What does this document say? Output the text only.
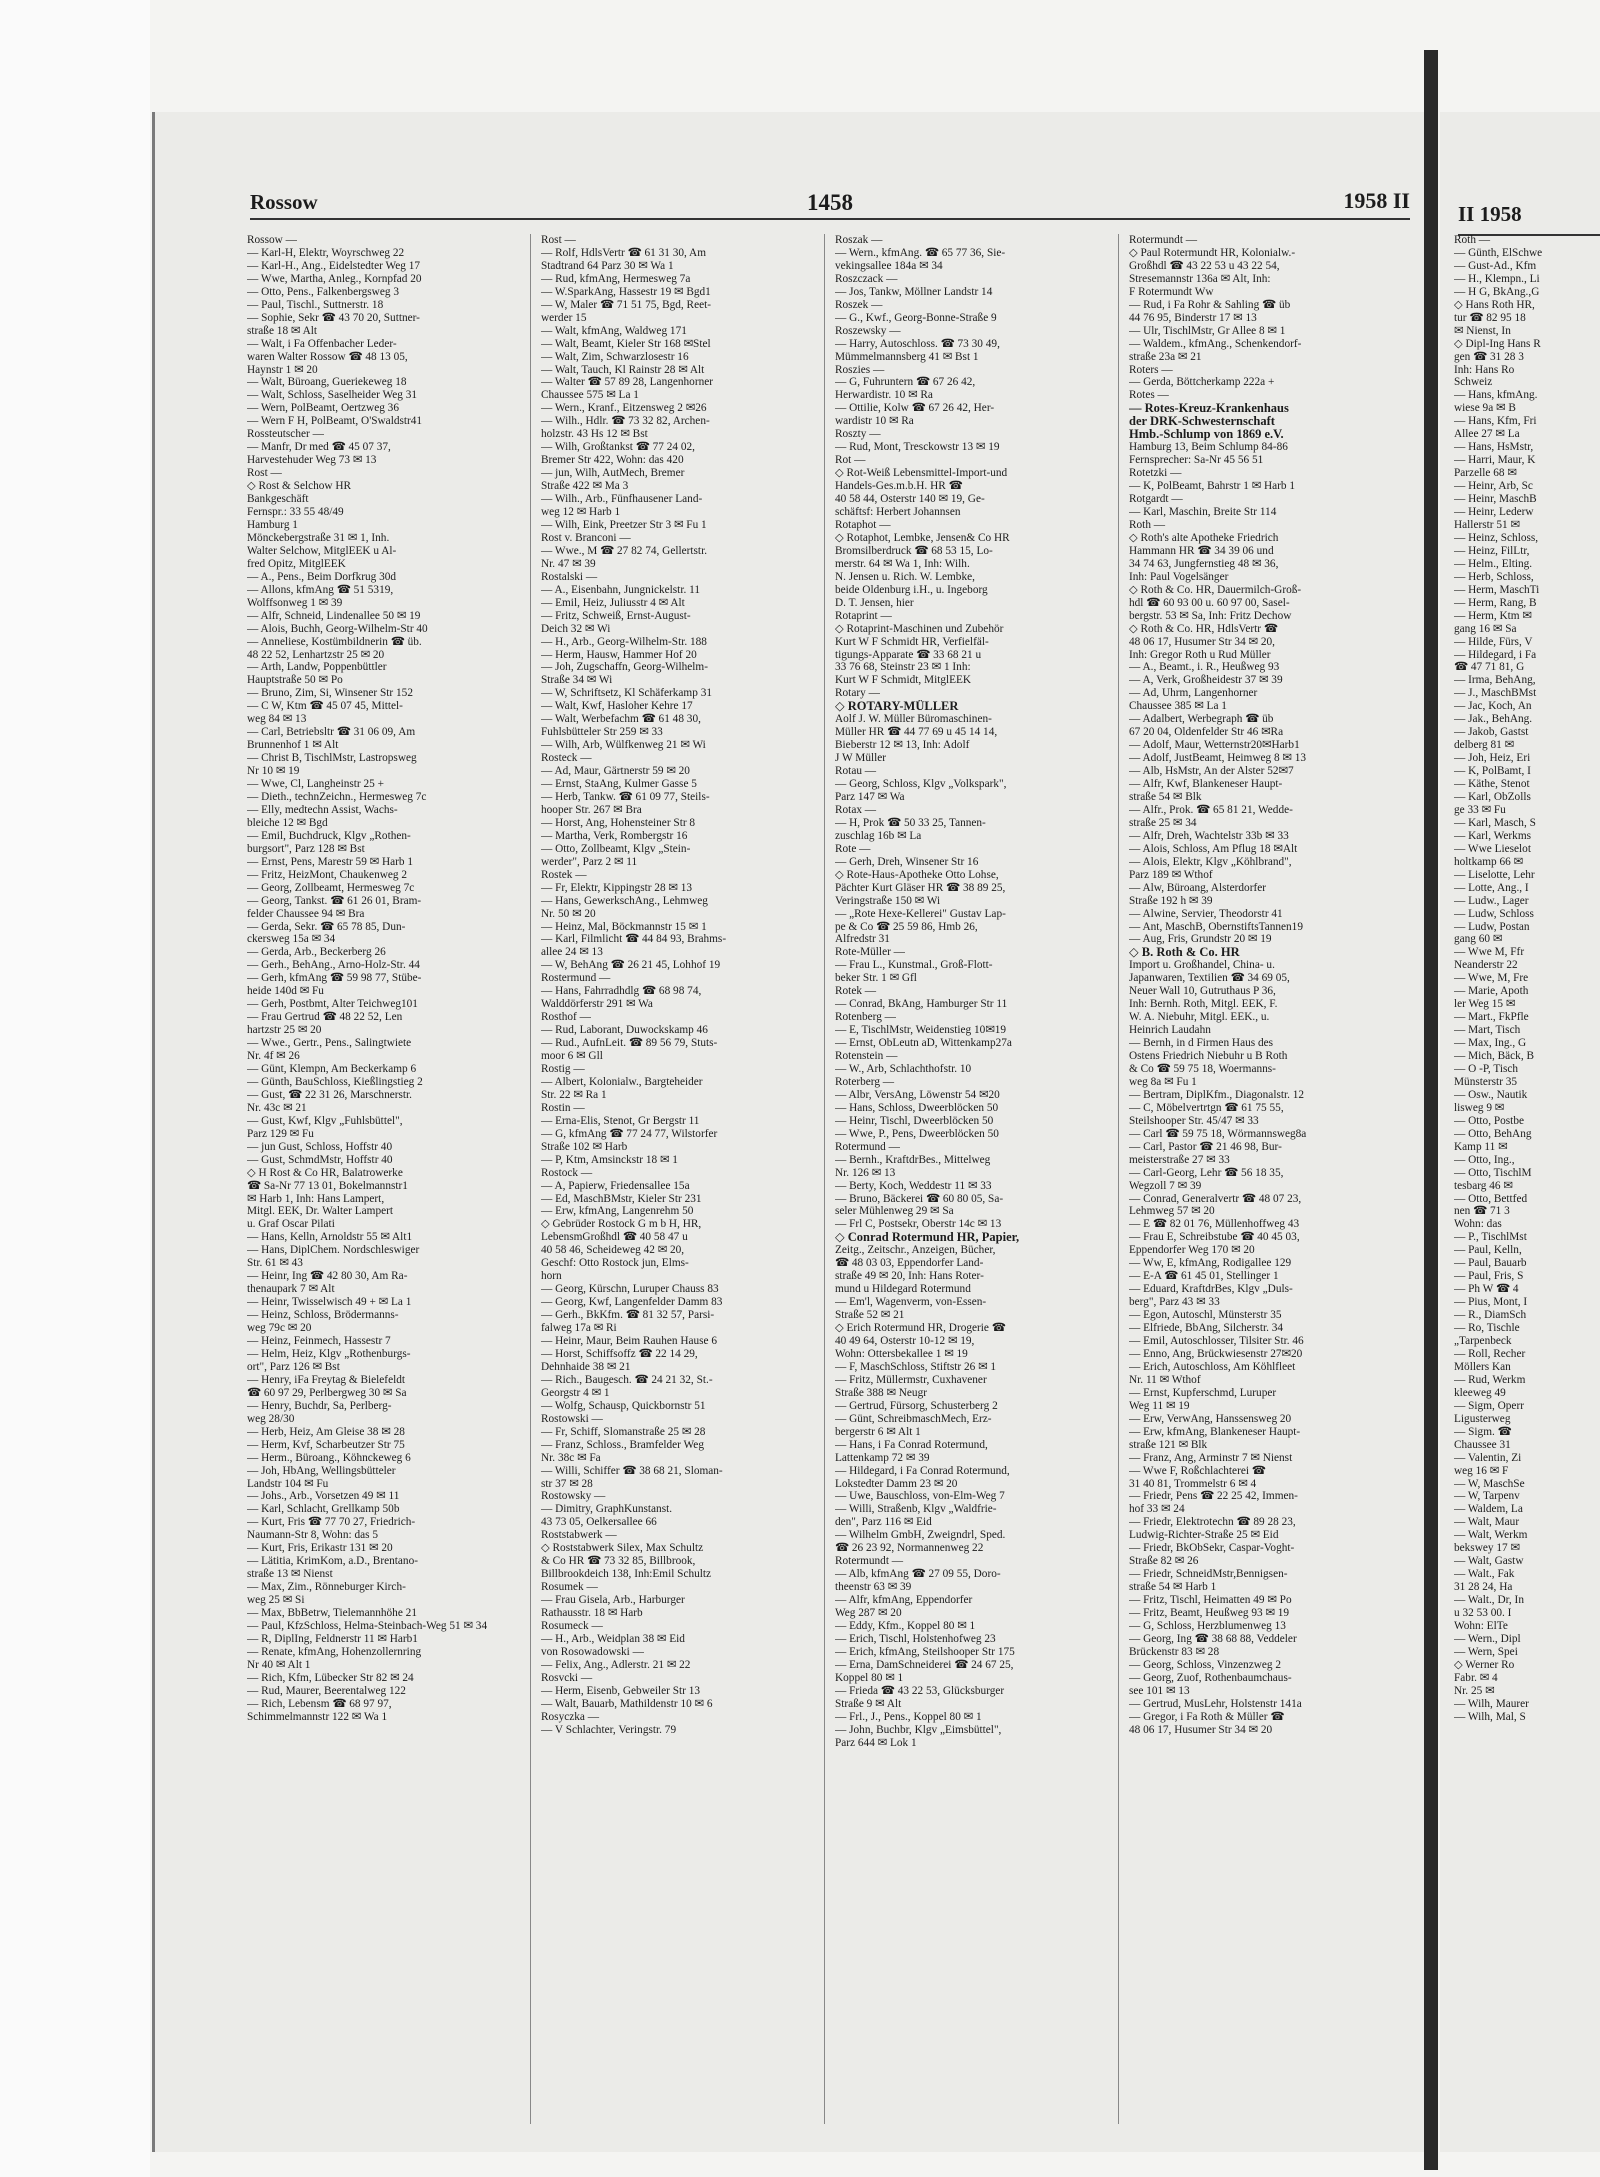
Rossow	1458	1958 II
Rossow —
— Karl-H, Elektr, Woyrschweg 22
— Karl-H., Ang., Eidelstedter Weg 17
— Wwe, Martha, Anleg., Kornpfad 20
— Otto, Pens., Falkenbergsweg 3
— Paul, Tischl., Suttnerstr. 18
— Sophie, Sekr ☎ 43 70 20, Suttner-
straße 18 ✉ Alt
— Walt, i Fa Offenbacher Leder-
waren Walter Rossow ☎ 48 13 05,
Haynstr 1 ✉ 20
— Walt, Büroang, Gueriekeweg 18
— Walt, Schloss, Saselheider Weg 31
— Wern, PolBeamt, Oertzweg 36
— Wern F H, PolBeamt, O'Swaldstr41
Rossteutscher —
— Manfr, Dr med ☎ 45 07 37,
Harvestehuder Weg 73 ✉ 13
Rost —
◇ Rost & Selchow HR
Bankgeschäft
Fernspr.: 33 55 48/49
Hamburg 1
Mönckebergstraße 31 ✉ 1, Inh.
Walter Selchow, MitglEEK u Al-
fred Opitz, MitglEEK
— A., Pens., Beim Dorfkrug 30d
— Allons, kfmAng ☎ 51 5319,
Wolffsonweg 1 ✉ 39
— Alfr, Schneid, Lindenallee 50 ✉ 19
— Alois, Buchh, Georg-Wilhelm-Str 40
— Anneliese, Kostümbildnerin ☎ üb.
48 22 52, Lenhartzstr 25 ✉ 20
— Arth, Landw, Poppenbüttler
Hauptstraße 50 ✉ Po
— Bruno, Zim, Si, Winsener Str 152
— C W, Ktm ☎ 45 07 45, Mittel-
weg 84 ✉ 13
— Carl, Betriebsltr ☎ 31 06 09, Am
Brunnenhof 1 ✉ Alt
— Christ B, TischlMstr, Lastropsweg
Nr 10 ✉ 19
— Wwe, Cl, Langheinstr 25 +
— Dieth., technZeichn., Hermesweg 7c
— Elly, medtechn Assist, Wachs-
bleiche 12 ✉ Bgd
— Emil, Buchdruck, Klgv „Rothen-
burgsort", Parz 128 ✉ Bst
— Ernst, Pens, Marestr 59 ✉ Harb 1
— Fritz, HeizMont, Chaukenweg 2
— Georg, Zollbeamt, Hermesweg 7c
— Georg, Tankst. ☎ 61 26 01, Bram-
felder Chaussee 94 ✉ Bra
— Gerda, Sekr. ☎ 65 78 85, Dun-
ckersweg 15a ✉ 34
— Gerda, Arb., Beckerberg 26
— Gerh., BehAng., Arno-Holz-Str. 44
— Gerh, kfmAng ☎ 59 98 77, Stübe-
heide 140d ✉ Fu
— Gerh, Postbmt, Alter Teichweg101
— Frau Gertrud ☎ 48 22 52, Len
hartzstr 25 ✉ 20
— Wwe., Gertr., Pens., Salingtwiete
Nr. 4f ✉ 26
— Günt, Klempn, Am Beckerkamp 6
— Günth, BauSchloss, Kießlingstieg 2
— Gust, ☎ 22 31 26, Marschnerstr.
Nr. 43c ✉ 21
— Gust, Kwf, Klgv „Fuhlsbüttel",
Parz 129 ✉ Fu
— jun Gust, Schloss, Hoffstr 40
— Gust, SchmdMstr, Hoffstr 40
◇ H Rost & Co HR, Balatrowerke
☎ Sa-Nr 77 13 01, Bokelmannstr1
✉ Harb 1, Inh: Hans Lampert,
Mitgl. EEK, Dr. Walter Lampert
u. Graf Oscar Pilati
— Hans, Kelln, Arnoldstr 55 ✉ Alt1
— Hans, DiplChem. Nordschleswiger
Str. 61 ✉ 43
— Heinr, Ing ☎ 42 80 30, Am Ra-
thenaupark 7 ✉ Alt
— Heinr, Twisselwisch 49 + ✉ La 1
— Heinz, Schloss, Brödermanns-
weg 79c ✉ 20
— Heinz, Feinmech, Hassestr 7
— Helm, Heiz, Klgv „Rothenburgs-
ort", Parz 126 ✉ Bst
— Henry, iFa Freytag & Bielefeldt
☎ 60 97 29, Perlbergweg 30 ✉ Sa
— Henry, Buchdr, Sa, Perlberg-
weg 28/30
— Herb, Heiz, Am Gleise 38 ✉ 28
— Herm, Kvf, Scharbeutzer Str 75
— Herm., Büroang., Köhnckeweg 6
— Joh, HbAng, Wellingsbütteler
Landstr 104 ✉ Fu
— Johs., Arb., Vorsetzen 49 ✉ 11
— Karl, Schlacht, Grellkamp 50b
— Kurt, Fris ☎ 77 70 27, Friedrich-
Naumann-Str 8, Wohn: das 5
— Kurt, Fris, Erikastr 131 ✉ 20
— Lätitia, KrimKom, a.D., Brentano-
straße 13 ✉ Nienst
— Max, Zim., Rönneburger Kirch-
weg 25 ✉ Si
— Max, BbBetrw, Tielemannhöhe 21
— Paul, KfzSchloss, Helma-Steinbach-Weg 51 ✉ 34
— R, DiplIng, Feldnerstr 11 ✉ Harb1
— Renate, kfmAng, Hohenzollernring
Nr 40 ✉ Alt 1
— Rich, Kfm, Lübecker Str 82 ✉ 24
— Rud, Maurer, Beerentalweg 122
— Rich, Lebensm ☎ 68 97 97,
Schimmelmannstr 122 ✉ Wa 1
Rost —
— Rolf, HdlsVertr ☎ 61 31 30, Am
Stadtrand 64 Parz 30 ✉ Wa 1
— Rud, kfmAng, Hermesweg 7a
— W.SparkAng, Hassestr 19 ✉ Bgd1
— W, Maler ☎ 71 51 75, Bgd, Reet-
werder 15
— Walt, kfmAng, Waldweg 171
— Walt, Beamt, Kieler Str 168 ✉Stel
— Walt, Zim, Schwarzlosestr 16
— Walt, Tauch, Kl Rainstr 28 ✉ Alt
— Walter ☎ 57 89 28, Langenhorner
Chaussee 575 ✉ La 1
— Wern., Kranf., Eitzensweg 2 ✉26
— Wilh., Hdlr. ☎ 73 32 82, Archen-
holzstr. 43 Hs 12 ✉ Bst
— Wilh, Großtankst ☎ 77 24 02,
Bremer Str 422, Wohn: das 420
— jun, Wilh, AutMech, Bremer
Straße 422 ✉ Ma 3
— Wilh., Arb., Fünfhausener Land-
weg 12 ✉ Harb 1
— Wilh, Eink, Preetzer Str 3 ✉ Fu 1
Rost v. Branconi —
— Wwe., M ☎ 27 82 74, Gellertstr.
Nr. 47 ✉ 39
Rostalski —
— A., Eisenbahn, Jungnickelstr. 11
— Emil, Heiz, Juliusstr 4 ✉ Alt
— Fritz, Schweiß, Ernst-August-
Deich 32 ✉ Wi
— H., Arb., Georg-Wilhelm-Str. 188
— Herm, Hausw, Hammer Hof 20
— Joh, Zugschaffn, Georg-Wilhelm-
Straße 34 ✉ Wi
— W, Schriftsetz, Kl Schäferkamp 31
— Walt, Kwf, Hasloher Kehre 17
— Walt, Werbefachm ☎ 61 48 30,
Fuhlsbütteler Str 259 ✉ 33
— Wilh, Arb, Wülfkenweg 21 ✉ Wi
Rosteck —
— Ad, Maur, Gärtnerstr 59 ✉ 20
— Ernst, StaAng, Kulmer Gasse 5
— Herb, Tankw. ☎ 61 09 77, Steils-
hooper Str. 267 ✉ Bra
— Horst, Ang, Hohensteiner Str 8
— Martha, Verk, Rombergstr 16
— Otto, Zollbeamt, Klgv „Stein-
werder", Parz 2 ✉ 11
Rostek —
— Fr, Elektr, Kippingstr 28 ✉ 13
— Hans, GewerkschAng., Lehmweg
Nr. 50 ✉ 20
— Heinz, Mal, Böckmannstr 15 ✉ 1
— Karl, Filmlicht ☎ 44 84 93, Brahms-
allee 24 ✉ 13
— W, BehAng ☎ 26 21 45, Lohhof 19
Rostermund —
— Hans, Fahrradhdlg ☎ 68 98 74,
Walddörferstr 291 ✉ Wa
Rosthof —
— Rud, Laborant, Duwockskamp 46
— Rud., AufnLeit. ☎ 89 56 79, Stuts-
moor 6 ✉ Gll
Rostig —
— Albert, Kolonialw., Bargteheider
Str. 22 ✉ Ra 1
Rostin —
— Erna-Elis, Stenot, Gr Bergstr 11
— G, kfmAng ☎ 77 24 77, Wilstorfer
Straße 102 ✉ Harb
— P, Ktm, Amsinckstr 18 ✉ 1
Rostock —
— A, Papierw, Friedensallee 15a
— Ed, MaschBMstr, Kieler Str 231
— Erw, kfmAng, Langenrehm 50
◇ Gebrüder Rostock G m b H, HR,
LebensmGroßhdl ☎ 40 58 47 u
40 58 46, Scheideweg 42 ✉ 20,
Geschf: Otto Rostock jun, Elms-
horn
— Georg, Kürschn, Luruper Chauss 83
— Georg, Kwf, Langenfelder Damm 83
— Gerh., BkKfm. ☎ 81 32 57, Parsi-
falweg 17a ✉ Ri
— Heinr, Maur, Beim Rauhen Hause 6
— Horst, Schiffsoffz ☎ 22 14 29,
Dehnhaide 38 ✉ 21
— Rich., Baugesch. ☎ 24 21 32, St.-
Georgstr 4 ✉ 1
— Wolfg, Schausp, Quickbornstr 51
Rostowski —
— Fr, Schiff, Slomanstraße 25 ✉ 28
— Franz, Schloss., Bramfelder Weg
Nr. 38c ✉ Fa
— Willi, Schiffer ☎ 38 68 21, Sloman-
str 37 ✉ 28
Rostowsky —
— Dimitry, GraphKunstanst.
43 73 05, Oelkersallee 66
Roststabwerk —
◇ Roststabwerk Silex, Max Schultz
& Co HR ☎ 73 32 85, Billbrook,
Billbrookdeich 138, Inh:Emil Schultz
Rosumek —
— Frau Gisela, Arb., Harburger
Rathausstr. 18 ✉ Harb
Rosumeck —
— H., Arb., Weidplan 38 ✉ Eid
von Rosowadowski —
— Felix, Ang., Adlerstr. 21 ✉ 22
Rosvcki —
— Herm, Eisenb, Gebweiler Str 13
— Walt, Bauarb, Mathildenstr 10 ✉ 6
Rosyczka —
— V Schlachter, Veringstr. 79
Roszak —
— Wern., kfmAng. ☎ 65 77 36, Sie-
vekingsallee 184a ✉ 34
Roszczack —
— Jos, Tankw, Möllner Landstr 14
Roszek —
— G., Kwf., Georg-Bonne-Straße 9
Roszewsky —
— Harry, Autoschloss. ☎ 73 30 49,
Mümmelmannsberg 41 ✉ Bst 1
Roszies —
— G, Fuhruntern ☎ 67 26 42,
Herwardistr. 10 ✉ Ra
— Ottilie, Kolw ☎ 67 26 42, Her-
wardistr 10 ✉ Ra
Roszty —
— Rud, Mont, Tresckowstr 13 ✉ 19
Rot —
◇ Rot-Weiß Lebensmittel-Import-und
Handels-Ges.m.b.H. HR ☎
40 58 44, Osterstr 140 ✉ 19, Ge-
schäftsf: Herbert Johannsen
Rotaphot —
◇ Rotaphot, Lembke, Jensen& Co HR
Bromsilberdruck ☎ 68 53 15, Lo-
merstr. 64 ✉ Wa 1, Inh: Wilh.
N. Jensen u. Rich. W. Lembke,
beide Oldenburg i.H., u. Ingeborg
D. T. Jensen, hier
Rotaprint —
◇ Rotaprint-Maschinen und Zubehör
Kurt W F Schmidt HR, Verfielfäl-
tigungs-Apparate ☎ 33 68 21 u
33 76 68, Steinstr 23 ✉ 1 Inh:
Kurt W F Schmidt, MitglEEK
Rotary —
◇ ROTARY-MÜLLER
Aolf J. W. Müller Büromaschinen-
Müller HR ☎ 44 77 69 u 45 14 14,
Bieberstr 12 ✉ 13, Inh: Adolf
J W Müller
Rotau —
— Georg, Schloss, Klgv „Volkspark",
Parz 147 ✉ Wa
Rotax —
— H, Prok ☎ 50 33 25, Tannen-
zuschlag 16b ✉ La
Rote —
— Gerh, Dreh, Winsener Str 16
◇ Rote-Haus-Apotheke Otto Lohse,
Pächter Kurt Gläser HR ☎ 38 89 25,
Veringstraße 150 ✉ Wi
— „Rote Hexe-Kellerei" Gustav Lap-
pe & Co ☎ 25 59 86, Hmb 26,
Alfredstr 31
Rote-Müller —
— Frau L., Kunstmal., Groß-Flott-
beker Str. 1 ✉ Gfl
Rotek —
— Conrad, BkAng, Hamburger Str 11
Rotenberg —
— E, TischlMstr, Weidenstieg 10✉19
— Ernst, ObLeutn aD, Wittenkamp27a
Rotenstein —
— W., Arb, Schlachthofstr. 10
Roterberg —
— Albr, VersAng, Löwenstr 54 ✉20
— Hans, Schloss, Dweerblöcken 50
— Heinr, Tischl, Dweerblöcken 50
— Wwe, P., Pens, Dweerblöcken 50
Rotermund —
— Bernh., KraftdrBes., Mittelweg
Nr. 126 ✉ 13
— Berty, Koch, Weddestr 11 ✉ 33
— Bruno, Bäckerei ☎ 60 80 05, Sa-
seler Mühlenweg 29 ✉ Sa
— Frl C, Postsekr, Oberstr 14c ✉ 13
◇ Conrad Rotermund HR, Papier,
Zeitg., Zeitschr., Anzeigen, Bücher,
☎ 48 03 03, Eppendorfer Land-
straße 49 ✉ 20, Inh: Hans Roter-
mund u Hildegard Rotermund
— Em'l, Wagenverm, von-Essen-
Straße 52 ✉ 21
◇ Erich Rotermund HR, Drogerie ☎
40 49 64, Osterstr 10-12 ✉ 19,
Wohn: Ottersbekallee 1 ✉ 19
— F, MaschSchloss, Stiftstr 26 ✉ 1
— Fritz, Müllermstr, Cuxhavener
Straße 388 ✉ Neugr
— Gertrud, Fürsorg, Schusterberg 2
— Günt, SchreibmaschMech, Erz-
bergerstr 6 ✉ Alt 1
— Hans, i Fa Conrad Rotermund,
Lattenkamp 72 ✉ 39
— Hildegard, i Fa Conrad Rotermund,
Lokstedter Damm 23 ✉ 20
— Uwe, Bauschloss, von-Elm-Weg 7
— Willi, Straßenb, Klgv „Waldfrie-
den", Parz 116 ✉ Eid
— Wilhelm GmbH, Zweigndrl, Sped.
☎ 26 23 92, Normannenweg 22
Rotermundt —
— Alb, kfmAng ☎ 27 09 55, Doro-
theenstr 63 ✉ 39
— Alfr, kfmAng, Eppendorfer
Weg 287 ✉ 20
— Eddy, Kfm., Koppel 80 ✉ 1
— Erich, Tischl, Holstenhofweg 23
— Erich, kfmAng, Steilshooper Str 175
— Erna, DamSchneiderei ☎ 24 67 25,
Koppel 80 ✉ 1
— Frieda ☎ 43 22 53, Glücksburger
Straße 9 ✉ Alt
— Frl., J., Pens., Koppel 80 ✉ 1
— John, Buchbr, Klgv „Eimsbüttel",
Parz 644 ✉ Lok 1
Rotermundt —
◇ Paul Rotermundt HR, Kolonialw.-
Großhdl ☎ 43 22 53 u 43 22 54,
Stresemannstr 136a ✉ Alt, Inh:
F Rotermundt Ww
— Rud, i Fa Rohr & Sahling ☎ üb
44 76 95, Binderstr 17 ✉ 13
— Ulr, TischlMstr, Gr Allee 8 ✉ 1
— Waldem., kfmAng., Schenkendorf-
straße 23a ✉ 21
Roters —
— Gerda, Böttcherkamp 222a +
Rotes —
— Rotes-Kreuz-Krankenhaus
der DRK-Schwesternschaft
Hmb.-Schlump von 1869 e.V.
Hamburg 13, Beim Schlump 84-86
Fernsprecher: Sa-Nr 45 56 51
Rotetzki —
— K, PolBeamt, Bahrstr 1 ✉ Harb 1
Rotgardt —
— Karl, Maschin, Breite Str 114
Roth —
◇ Roth's alte Apotheke Friedrich
Hammann HR ☎ 34 39 06 und
34 74 63, Jungfernstieg 48 ✉ 36,
Inh: Paul Vogelsänger
◇ Roth & Co. HR, Dauermilch-Groß-
hdl ☎ 60 93 00 u. 60 97 00, Sasel-
bergstr. 53 ✉ Sa, Inh: Fritz Dechow
◇ Roth & Co. HR, HdlsVertr ☎
48 06 17, Husumer Str 34 ✉ 20,
Inh: Gregor Roth u Rud Müller
— A., Beamt., i. R., Heußweg 93
— A, Verk, Großheidestr 37 ✉ 39
— Ad, Uhrm, Langenhorner
Chaussee 385 ✉ La 1
— Adalbert, Werbegraph ☎ üb
67 20 04, Oldenfelder Str 46 ✉Ra
— Adolf, Maur, Wetternstr20✉Harb1
— Adolf, JustBeamt, Heimweg 8 ✉ 13
— Alb, HsMstr, An der Alster 52✉7
— Alfr, Kwf, Blankeneser Haupt-
straße 54 ✉ Blk
— Alfr., Prok. ☎ 65 81 21, Wedde-
straße 25 ✉ 34
— Alfr, Dreh, Wachtelstr 33b ✉ 33
— Alois, Schloss, Am Pflug 18 ✉Alt
— Alois, Elektr, Klgv „Köhlbrand",
Parz 189 ✉ Wthof
— Alw, Büroang, Alsterdorfer
Straße 192 h ✉ 39
— Alwine, Servier, Theodorstr 41
— Ant, MaschB, ObernstiftsTannen19
— Aug, Fris, Grundstr 20 ✉ 19
◇ B. Roth & Co. HR
Import u. Großhandel, China- u.
Japanwaren, Textilien ☎ 34 69 05,
Neuer Wall 10, Gutruthaus P 36,
Inh: Bernh. Roth, Mitgl. EEK, F.
W. A. Niebuhr, Mitgl. EEK., u.
Heinrich Laudahn
— Bernh, in d Firmen Haus des
Ostens Friedrich Niebuhr u B Roth
& Co ☎ 59 75 18, Woermanns-
weg 8a ✉ Fu 1
— Bertram, DiplKfm., Diagonalstr. 12
— C, Möbelvertrtgn ☎ 61 75 55,
Steilshooper Str. 45/47 ✉ 33
— Carl ☎ 59 75 18, Wörmannsweg8a
— Carl, Pastor ☎ 21 46 98, Bur-
meisterstraße 27 ✉ 33
— Carl-Georg, Lehr ☎ 56 18 35,
Wegzoll 7 ✉ 39
— Conrad, Generalvertr ☎ 48 07 23,
Lehmweg 57 ✉ 20
— E ☎ 82 01 76, Müllenhoffweg 43
— Frau E, Schreibstube ☎ 40 45 03,
Eppendorfer Weg 170 ✉ 20
— Ww, E, kfmAng, Rodigallee 129
— E-A ☎ 61 45 01, Stellinger 1
— Eduard, KraftdrBes, Klgv „Duls-
berg", Parz 43 ✉ 33
— Egon, Autoschl, Münsterstr 35
— Elfriede, BbAng, Silcherstr. 34
— Emil, Autoschlosser, Tilsiter Str. 46
— Enno, Ang, Brückwiesenstr 27✉20
— Erich, Autoschloss, Am Köhlfleet
Nr. 11 ✉ Wthof
— Ernst, Kupferschmd, Luruper
Weg 11 ✉ 19
— Erw, VerwAng, Hanssensweg 20
— Erw, kfmAng, Blankeneser Haupt-
straße 121 ✉ Blk
— Franz, Ang, Arminstr 7 ✉ Nienst
— Wwe F, Roßchlachterei ☎
31 40 81, Trommelstr 6 ✉ 4
— Friedr, Pens ☎ 22 25 42, Immen-
hof 33 ✉ 24
— Friedr, Elektrotechn ☎ 89 28 23,
Ludwig-Richter-Straße 25 ✉ Eid
— Friedr, BkObSekr, Caspar-Voght-
Straße 82 ✉ 26
— Friedr, SchneidMstr,Bennigsen-
straße 54 ✉ Harb 1
— Fritz, Tischl, Heimatten 49 ✉ Po
— Fritz, Beamt, Heußweg 93 ✉ 19
— G, Schloss, Herzblumenweg 13
— Georg, Ing ☎ 38 68 88, Veddeler
Brückenstr 83 ✉ 28
— Georg, Schloss, Vinzenzweg 2
— Georg, Zuof, Rothenbaumchaus-
see 101 ✉ 13
— Gertrud, MusLehr, Holstenstr 141a
— Gregor, i Fa Roth & Müller ☎
48 06 17, Husumer Str 34 ✉ 20
II 1958
Roth —
— Günth, ElSchwe
— Gust-Ad., Kfm
— H., Klempn., Li
— H G, BkAng.,G
◇ Hans Roth HR,
tur ☎ 82 95 18
✉ Nienst, In
◇ Dipl-Ing Hans R
gen ☎ 31 28 3
Inh: Hans Ro
Schweiz
— Hans, kfmAng.
wiese 9a ✉ B
— Hans, Kfm, Fri
Allee 27 ✉ La
— Hans, HsMstr,
— Harri, Maur, K
Parzelle 68 ✉
— Heinr, Arb, Sc
— Heinr, MaschB
— Heinr, Lederw
Hallerstr 51 ✉
— Heinz, Schloss,
— Heinz, FilLtr,
— Helm., Elting.
— Herb, Schloss,
— Herm, MaschTi
— Herm, Rang, B
— Herm, Ktm ✉
gang 16 ✉ Sa
— Hilde, Fürs, V
— Hildegard, i Fa
☎ 47 71 81, G
— Irma, BehAng,
— J., MaschBMst
— Jac, Koch, An
— Jak., BehAng.
— Jakob, Gastst
delberg 81 ✉
— Joh, Heiz, Eri
— K, PolBamt, I
— Käthe, Stenot
— Karl, ObZolls
ge 33 ✉ Fu
— Karl, Masch, S
— Karl, Werkms
— Wwe Lieselot
holtkamp 66 ✉
— Liselotte, Lehr
— Lotte, Ang., I
— Ludw., Lager
— Ludw, Schloss
— Ludw, Postan
gang 60 ✉
— Wwe M, Ffr
Neanderstr 22
— Wwe, M, Fre
— Marie, Apoth
ler Weg 15 ✉
— Mart., FkPfle
— Mart, Tisch
— Max, Ing., G
— Mich, Bäck, B
— O -P, Tisch
Münsterstr 35
— Osw., Nautik
lisweg 9 ✉
— Otto, Postbe
— Otto, BehAng
Kamp 11 ✉
— Otto, Ing.,
— Otto, TischlM
tesbarg 46 ✉
— Otto, Bettfed
nen ☎ 71 3
Wohn: das
— P., TischlMst
— Paul, Kelln,
— Paul, Bauarb
— Paul, Fris, S
— Ph W ☎ 4
— Pius, Mont, I
— R., DiamSch
— Ro, Tischle
„Tarpenbeck
— Roll, Recher
Möllers Kan
— Rud, Werkm
kleeweg 49
— Sigm, Operr
Ligusterweg
— Sigm. ☎
Chaussee 31
— Valentin, Zi
weg 16 ✉ F
— W, MaschSe
— W, Tarpenv
— Waldem, La
— Walt, Maur
— Walt, Werkm
bekswey 17 ✉
— Walt, Gastw
— Walt., Fak
31 28 24, Ha
— Walt., Dr, In
u 32 53 00. I
Wohn: ElTe
— Wern., Dipl
— Wern, Spei
◇ Werner Ro
Fabr. ✉ 4
Nr. 25 ✉
— Wilh, Maurer
— Wilh, Mal, S
